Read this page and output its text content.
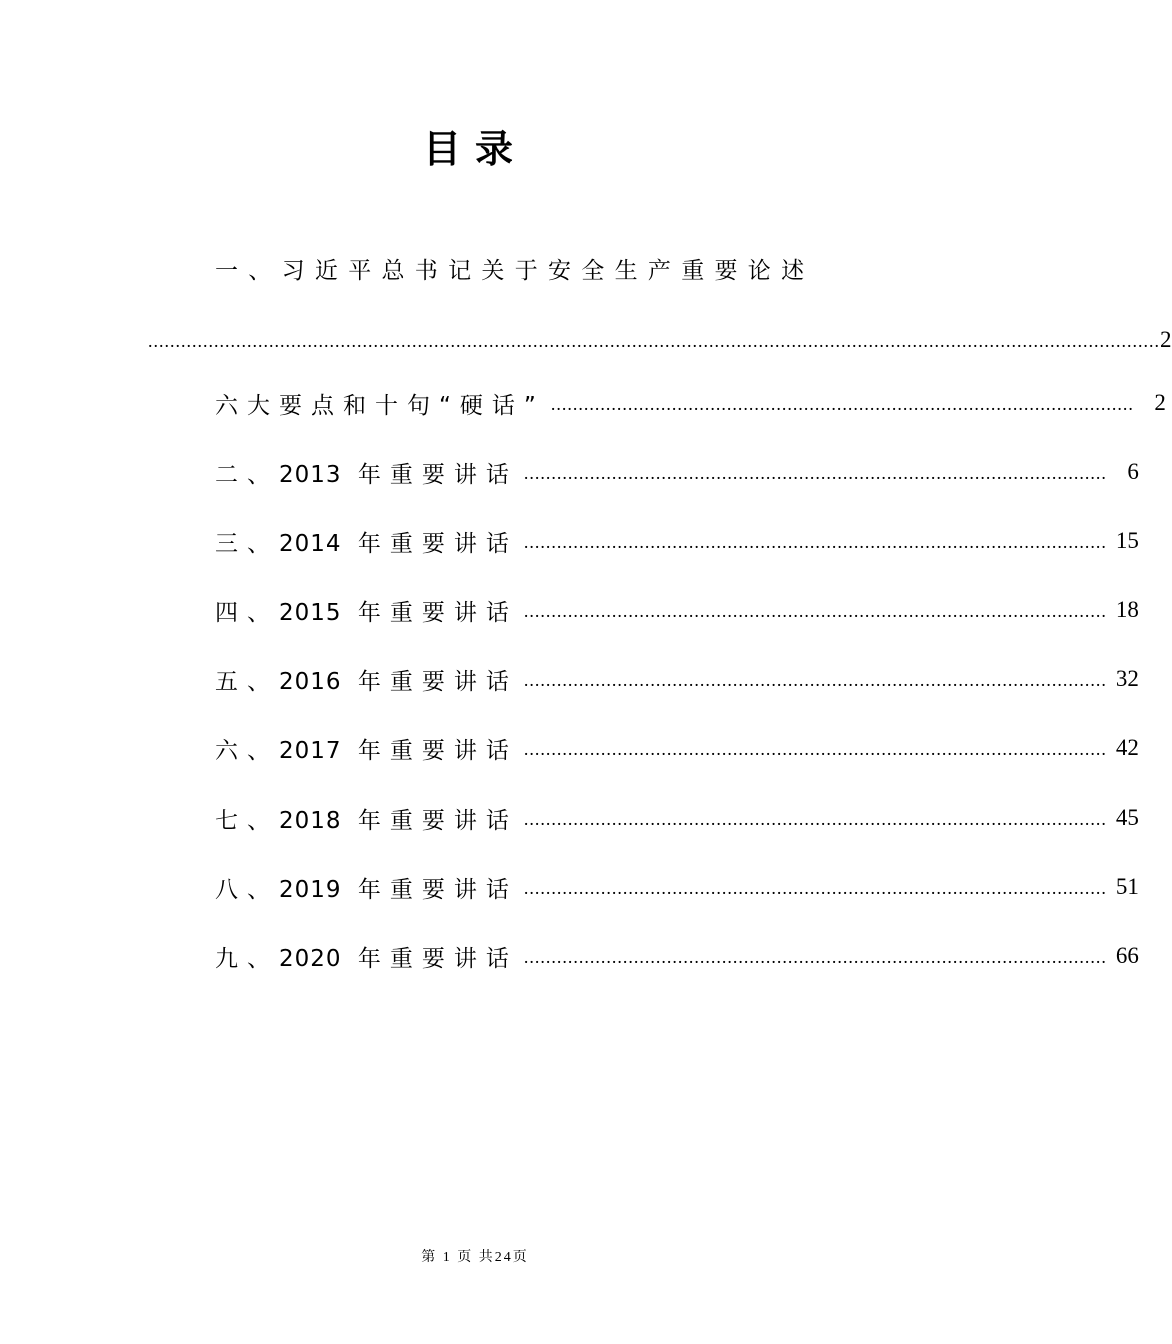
目录
一、习近平总书记关于安全生产重要论述
........................................................................................................................................................................................ 2
六大要点和十句“硬话” .......................................................................................................... 2
二、2013 年重要讲话 .......................................................................................................... 6
三、2014 年重要讲话 .......................................................................................................... 15
四、2015 年重要讲话 .......................................................................................................... 18
五、2016 年重要讲话 .......................................................................................................... 32
六、2017 年重要讲话 .......................................................................................................... 42
七、2018 年重要讲话 .......................................................................................................... 45
八、2019 年重要讲话 .......................................................................................................... 51
九、2020 年重要讲话 .......................................................................................................... 66
第 1 页 共24页
